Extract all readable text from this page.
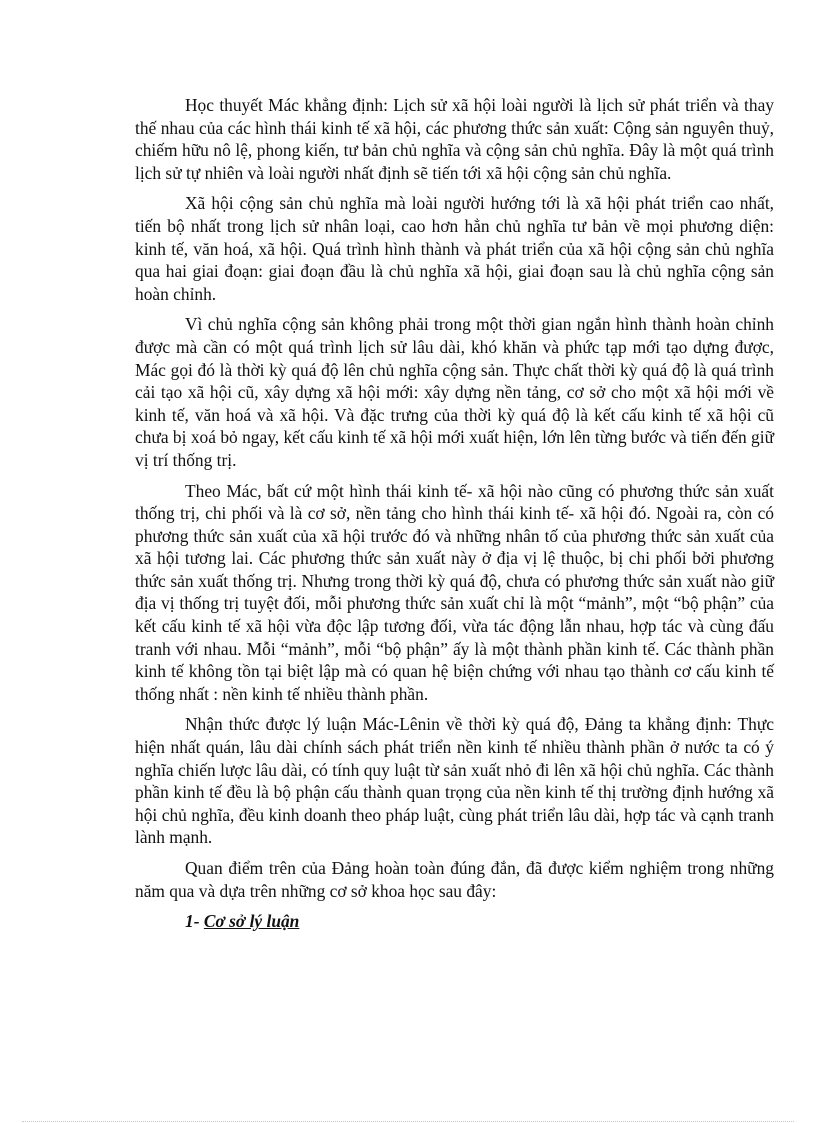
Học thuyết Mác khẳng định: Lịch sử xã hội loài người là lịch sử phát triển và thay thế nhau của các hình thái kinh tế xã hội, các phương thức sản xuất: Cộng sản nguyên thuỷ, chiếm hữu nô lệ, phong kiến, tư bản chủ nghĩa và cộng sản chủ nghĩa. Đây là một quá trình lịch sử tự nhiên và loài người nhất định sẽ tiến tới xã hội cộng sản chủ nghĩa.

Xã hội cộng sản chủ nghĩa mà loài người hướng tới là xã hội phát triển cao nhất, tiến bộ nhất trong lịch sử nhân loại, cao hơn hẳn chủ nghĩa tư bản về mọi phương diện: kinh tế, văn hoá, xã hội. Quá trình hình thành và phát triển của xã hội cộng sản chủ nghĩa qua hai giai đoạn: giai đoạn đầu là chủ nghĩa xã hội, giai đoạn sau là chủ nghĩa cộng sản hoàn chỉnh.

Vì chủ nghĩa cộng sản không phải trong một thời gian ngắn hình thành hoàn chỉnh được mà cần có một quá trình lịch sử lâu dài, khó khăn và phức tạp mới tạo dựng được, Mác gọi đó là thời kỳ quá độ lên chủ nghĩa cộng sản. Thực chất thời kỳ quá độ là quá trình cải tạo xã hội cũ, xây dựng xã hội mới: xây dựng nền tảng, cơ sở cho một xã hội mới về kinh tế, văn hoá và xã hội. Và đặc trưng của thời kỳ quá độ là kết cấu kinh tế xã hội cũ chưa bị xoá bỏ ngay, kết cấu kinh tế xã hội mới xuất hiện, lớn lên từng bước và tiến đến giữ vị trí thống trị.

Theo Mác, bất cứ một hình thái kinh tế- xã hội nào cũng có phương thức sản xuất thống trị, chi phối và là cơ sở, nền tảng cho hình thái kinh tế- xã hội đó. Ngoài ra, còn có phương thức sản xuất của xã hội trước đó và những nhân tố của phương thức sản xuất của xã hội tương lai. Các phương thức sản xuất này ở địa vị lệ thuộc, bị chi phối bởi phương thức sản xuất thống trị. Nhưng trong thời kỳ quá độ, chưa có phương thức sản xuất nào giữ địa vị thống trị tuyệt đối, mỗi phương thức sản xuất chỉ là một “mảnh”, một “bộ phận” của kết cấu kinh tế xã hội vừa độc lập tương đối, vừa tác động lẫn nhau, hợp tác và cùng đấu tranh với nhau. Mỗi “mảnh”, mỗi “bộ phận” ấy là một thành phần kinh tế. Các thành phần kinh tế không tồn tại biệt lập mà có quan hệ biện chứng với nhau tạo thành cơ cấu kinh tế thống nhất : nền kinh tế nhiều thành phần.

Nhận thức được lý luận Mác-Lênin về thời kỳ quá độ, Đảng ta khẳng định: Thực hiện nhất quán, lâu dài chính sách phát triển nền kinh tế nhiều thành phần ở nước ta có ý nghĩa chiến lược lâu dài, có tính quy luật từ sản xuất nhỏ đi lên xã hội chủ nghĩa. Các thành phần kinh tế đều là bộ phận cấu thành quan trọng của nền kinh tế thị trường định hướng xã hội chủ nghĩa, đều kinh doanh theo pháp luật, cùng phát triển lâu dài, hợp tác và cạnh tranh lành mạnh.

Quan điểm trên của Đảng hoàn toàn đúng đắn, đã được kiểm nghiệm trong những năm qua và dựa trên những cơ sở khoa học sau đây:

1- Cơ sở lý luận
